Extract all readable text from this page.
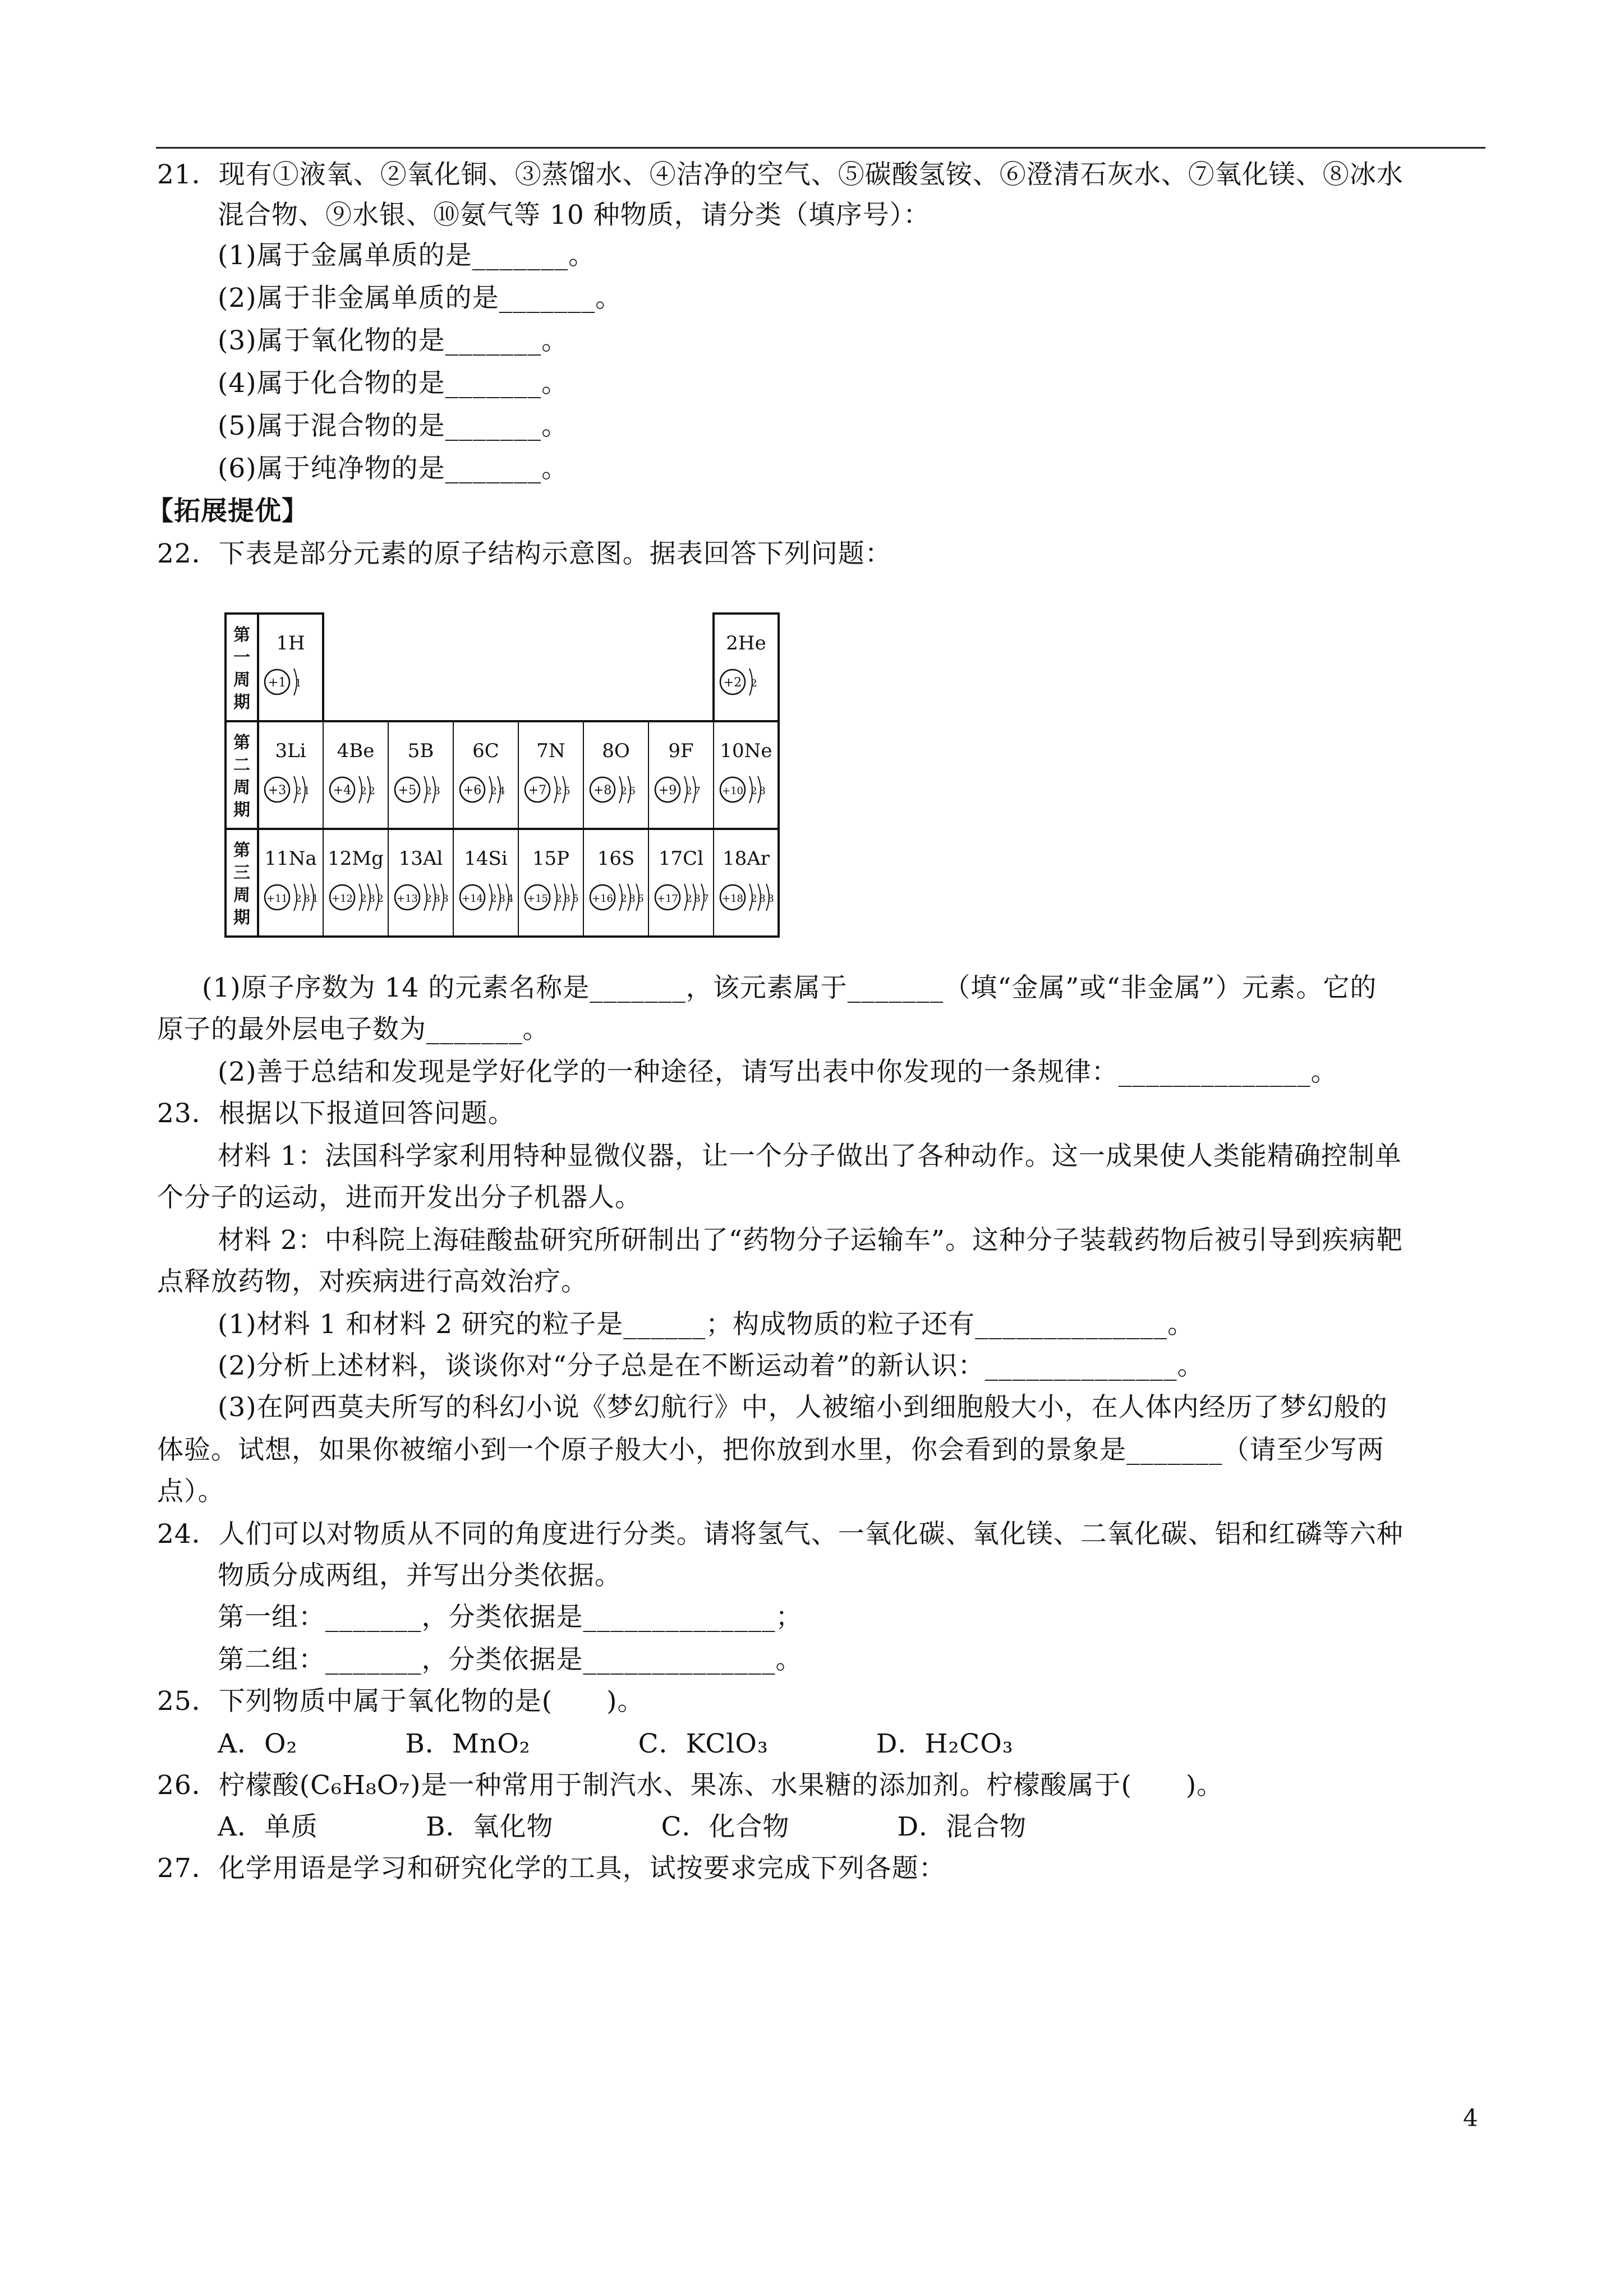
21．现有①液氧、②氧化铜、③蒸馏水、④洁净的空气、⑤碳酸氢铵、⑥澄清石灰水、⑦氧化镁、⑧冰水
混合物、⑨水银、⑩氨气等 10 种物质，请分类（填序号）：
(1)属于金属单质的是_______。
(2)属于非金属单质的是_______。
(3)属于氧化物的是_______。
(4)属于化合物的是_______。
(5)属于混合物的是_______。
(6)属于纯净物的是_______。
【拓展提优】
22．下表是部分元素的原子结构示意图。据表回答下列问题：
第
一
周
期
第
二
周
期
第
三
周
期
1H
+1 1
2He
+2 2
3Li
+3 2 1
4Be
+4 2 2
5B
+5 2 3
6C
+6 2 4
7N
+7 2 5
8O
+8 2 6
9F
+9 2 7
10Ne
+10 2 8
11Na
+11 2 8 1
12Mg
+12 2 8 2
13Al
+13 2 8 3
14Si
+14 2 8 4
15P
+15 2 8 5
16S
+16 2 8 6
17Cl
+17 2 8 7
18Ar
+18 2 8 8
(1)原子序数为 14 的元素名称是_______，该元素属于_______（填“金属”或“非金属”）元素。它的
原子的最外层电子数为_______。
(2)善于总结和发现是学好化学的一种途径，请写出表中你发现的一条规律：______________。
23．根据以下报道回答问题。
材料 1：法国科学家利用特种显微仪器，让一个分子做出了各种动作。这一成果使人类能精确控制单
个分子的运动，进而开发出分子机器人。
材料 2：中科院上海硅酸盐研究所研制出了“药物分子运输车”。这种分子装载药物后被引导到疾病靶
点释放药物，对疾病进行高效治疗。
(1)材料 1 和材料 2 研究的粒子是______；构成物质的粒子还有______________。
(2)分析上述材料，谈谈你对“分子总是在不断运动着”的新认识：______________。
(3)在阿西莫夫所写的科幻小说《梦幻航行》中，人被缩小到细胞般大小，在人体内经历了梦幻般的
体验。试想，如果你被缩小到一个原子般大小，把你放到水里，你会看到的景象是_______（请至少写两
点）。
24．人们可以对物质从不同的角度进行分类。请将氢气、一氧化碳、氧化镁、二氧化碳、铝和红磷等六种
物质分成两组，并写出分类依据。
第一组：_______，分类依据是______________；
第二组：_______，分类依据是______________。
25．下列物质中属于氧化物的是(　　)。
A．O₂　　　　B．MnO₂　　　　C．KClO₃　　　　D．H₂CO₃
26．柠檬酸(C₆H₈O₇)是一种常用于制汽水、果冻、水果糖的添加剂。柠檬酸属于(　　)。
A．单质　　　　B．氧化物　　　　C．化合物　　　　D．混合物
27．化学用语是学习和研究化学的工具，试按要求完成下列各题：
4
